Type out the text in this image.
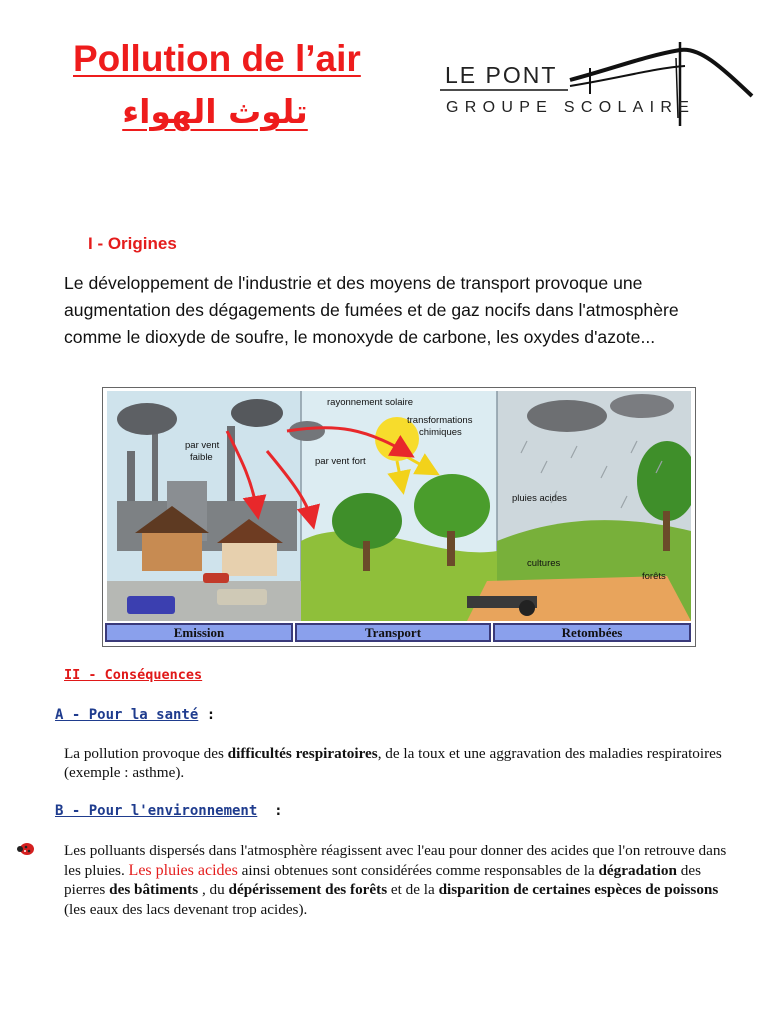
Pollution de l’air
تلوث الهواء
LE PONT
GROUPE SCOLAIRE
I - Origines
Le développement de l'industrie et des moyens de transport provoque une augmentation des dégagements de fumées et de gaz nocifs dans l'atmosphère comme le dioxyde de soufre, le monoxyde de carbone, les oxydes d'azote...
rayonnement solaire
transformations
chimiques
par vent
faible	par vent fort
pluies acides
cultures
forêts
Emission	Transport	Retombées
II - Conséquences
A - Pour la santé :
La pollution provoque des difficultés respiratoires, de la toux et une aggravation des maladies respiratoires (exemple : asthme).
B - Pour l'environnement  :
Les polluants dispersés dans l'atmosphère réagissent avec l'eau pour donner des acides que l'on retrouve dans les pluies. Les pluies acides ainsi obtenues sont considérées comme responsables de la dégradation des pierres des bâtiments , du dépérissement des forêts et de la disparition de certaines espèces de poissons (les eaux des lacs devenant trop acides).
